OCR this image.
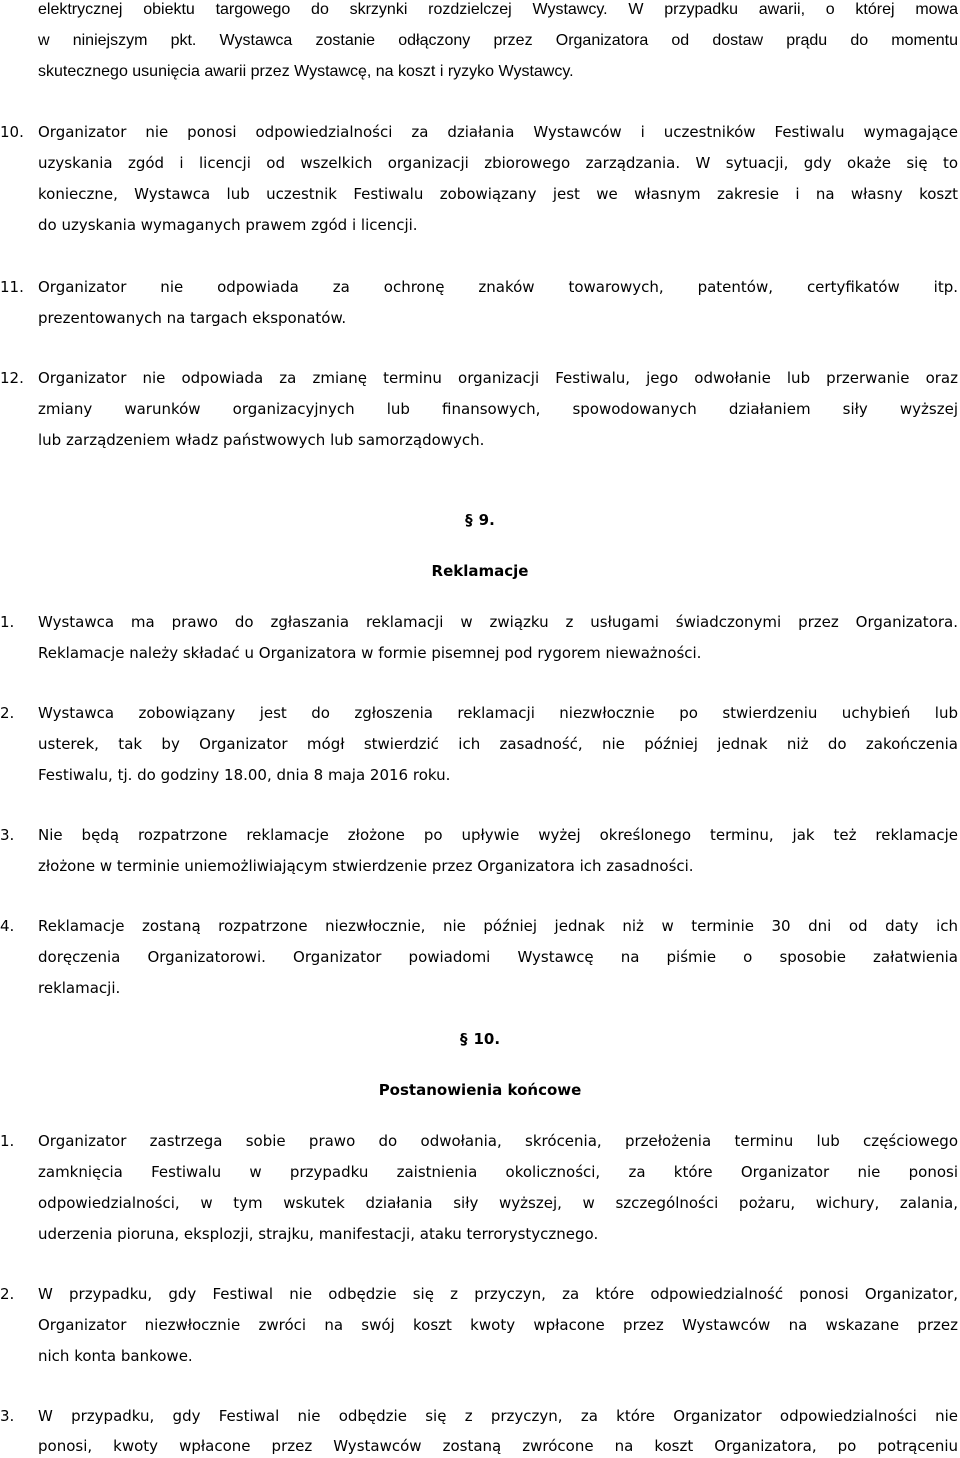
elektrycznej obiektu targowego do skrzynki rozdzielczej Wystawcy. W przypadku awarii, o której mowa
w niniejszym pkt. Wystawca zostanie odłączony przez Organizatora od dostaw prądu do momentu
skutecznego usunięcia awarii przez Wystawcę, na koszt i ryzyko Wystawcy.
10. Organizator nie ponosi odpowiedzialności za działania Wystawców i uczestników Festiwalu wymagające
uzyskania zgód i licencji od wszelkich organizacji zbiorowego zarządzania. W sytuacji, gdy okaże się to
konieczne, Wystawca lub uczestnik Festiwalu zobowiązany jest we własnym zakresie i na własny koszt
do uzyskania wymaganych prawem zgód i licencji.
11. Organizator nie odpowiada za ochronę znaków towarowych, patentów, certyfikatów itp.
prezentowanych na targach eksponatów.
12. Organizator nie odpowiada za zmianę terminu organizacji Festiwalu, jego odwołanie lub przerwanie oraz
zmiany warunków organizacyjnych lub finansowych, spowodowanych działaniem siły wyższej
lub zarządzeniem władz państwowych lub samorządowych.
§ 9.
Reklamacje
1.	Wystawca ma prawo do zgłaszania reklamacji w związku z usługami świadczonymi przez Organizatora.
Reklamacje należy składać u Organizatora w formie pisemnej pod rygorem nieważności.
2.	Wystawca zobowiązany jest do zgłoszenia reklamacji niezwłocznie po stwierdzeniu uchybień lub
usterek, tak by Organizator mógł stwierdzić ich zasadność, nie później jednak niż do zakończenia
Festiwalu, tj. do godziny 18.00, dnia 8 maja 2016 roku.
3.	Nie będą rozpatrzone reklamacje złożone po upływie wyżej określonego terminu, jak też reklamacje
złożone w terminie uniemożliwiającym stwierdzenie przez Organizatora ich zasadności.
4.	Reklamacje zostaną rozpatrzone niezwłocznie, nie później jednak niż w terminie 30 dni od daty ich
doręczenia Organizatorowi. Organizator powiadomi Wystawcę na piśmie o sposobie załatwienia
reklamacji.
§ 10.
Postanowienia końcowe
1.	Organizator zastrzega sobie prawo do odwołania, skrócenia, przełożenia terminu lub częściowego
zamknięcia Festiwalu w przypadku zaistnienia okoliczności, za które Organizator nie ponosi
odpowiedzialności, w tym wskutek działania siły wyższej, w szczególności pożaru, wichury, zalania,
uderzenia pioruna, eksplozji, strajku, manifestacji, ataku terrorystycznego.
2.	W przypadku, gdy Festiwal nie odbędzie się z przyczyn, za które odpowiedzialność ponosi Organizator,
Organizator niezwłocznie zwróci na swój koszt kwoty wpłacone przez Wystawców na wskazane przez
nich konta bankowe.
3.	W przypadku, gdy Festiwal nie odbędzie się z przyczyn, za które Organizator odpowiedzialności nie
ponosi, kwoty wpłacone przez Wystawców zostaną zwrócone na koszt Organizatora, po potrąceniu
